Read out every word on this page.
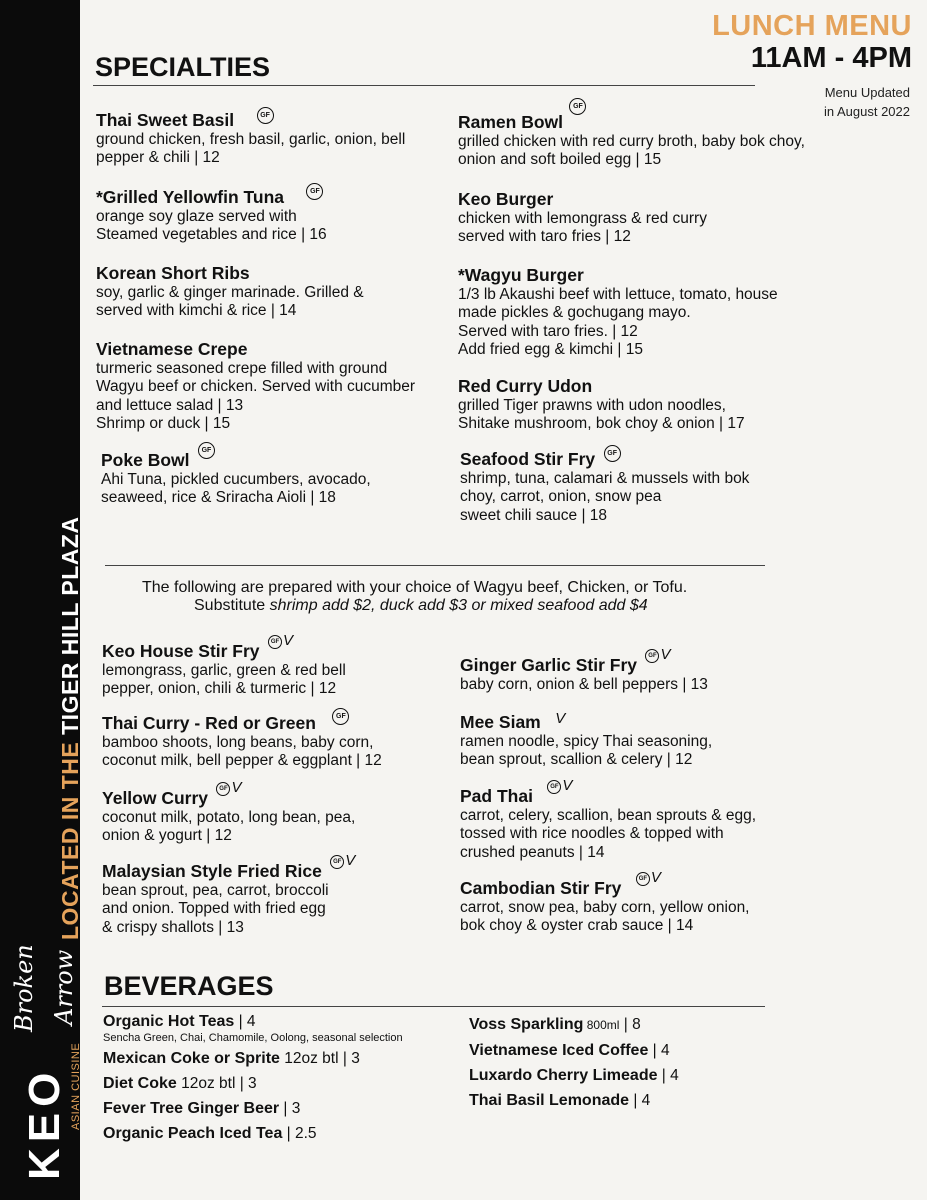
LOCATED IN THE TIGER HILL PLAZA
Broken Arrow
KEO ASIAN CUISINE
LUNCH MENU
11AM - 4PM
Menu Updated
in August 2022
SPECIALTIES
Thai Sweet Basil	GF
ground chicken, fresh basil, garlic, onion, bell
pepper & chili | 12
*Grilled Yellowfin Tuna	GF
orange soy glaze served with
Steamed vegetables and rice | 16
Korean Short Ribs
soy, garlic & ginger marinade. Grilled &
served with kimchi & rice | 14
Vietnamese Crepe
turmeric seasoned crepe filled with ground
Wagyu beef or chicken. Served with cucumber
and lettuce salad | 13
Shrimp or duck | 15
Poke Bowl GF
Ahi Tuna, pickled cucumbers, avocado,
seaweed, rice & Sriracha Aioli | 18
Ramen Bowl GF
grilled chicken with red curry broth, baby bok choy,
onion and soft boiled egg | 15
Keo Burger
chicken with lemongrass & red curry
served with taro fries | 12
*Wagyu Burger
1/3 lb Akaushi beef with lettuce, tomato, house
made pickles & gochugang mayo.
Served with taro fries. | 12
Add fried egg & kimchi | 15
Red Curry Udon
grilled Tiger prawns with udon noodles,
Shitake mushroom, bok choy & onion | 17
Seafood Stir Fry GF
shrimp, tuna, calamari & mussels with bok
choy, carrot, onion, snow pea
sweet chili sauce | 18
The following are prepared with your choice of Wagyu beef, Chicken, or Tofu.
Substitute shrimp add $2, duck add $3 or mixed seafood add $4
Keo House Stir Fry	GF V
lemongrass, garlic, green & red bell
pepper, onion, chili & turmeric | 12
Thai Curry - Red or Green	GF
bamboo shoots, long beans, baby corn,
coconut milk, bell pepper & eggplant | 12
Yellow Curry	GF V
coconut milk, potato, long bean, pea,
onion & yogurt | 12
Malaysian Style Fried Rice	GF V
bean sprout, pea, carrot, broccoli
and onion. Topped with fried egg
& crispy shallots | 13
Ginger Garlic Stir Fry	GF V
baby corn, onion & bell peppers | 13
Mee Siam V
ramen noodle, spicy Thai seasoning,
bean sprout, scallion & celery | 12
Pad Thai	GF V
carrot, celery, scallion, bean sprouts & egg,
tossed with rice noodles & topped with
crushed peanuts | 14
Cambodian Stir Fry	GF V
carrot, snow pea, baby corn, yellow onion,
bok choy & oyster crab sauce | 14
BEVERAGES
Organic Hot Teas | 4
Sencha Green, Chai, Chamomile, Oolong, seasonal selection
Mexican Coke or Sprite 12oz btl | 3
Diet Coke 12oz btl | 3
Fever Tree Ginger Beer | 3
Organic Peach Iced Tea | 2.5
Voss Sparkling 800ml | 8
Vietnamese Iced Coffee | 4
Luxardo Cherry Limeade | 4
Thai Basil Lemonade | 4
